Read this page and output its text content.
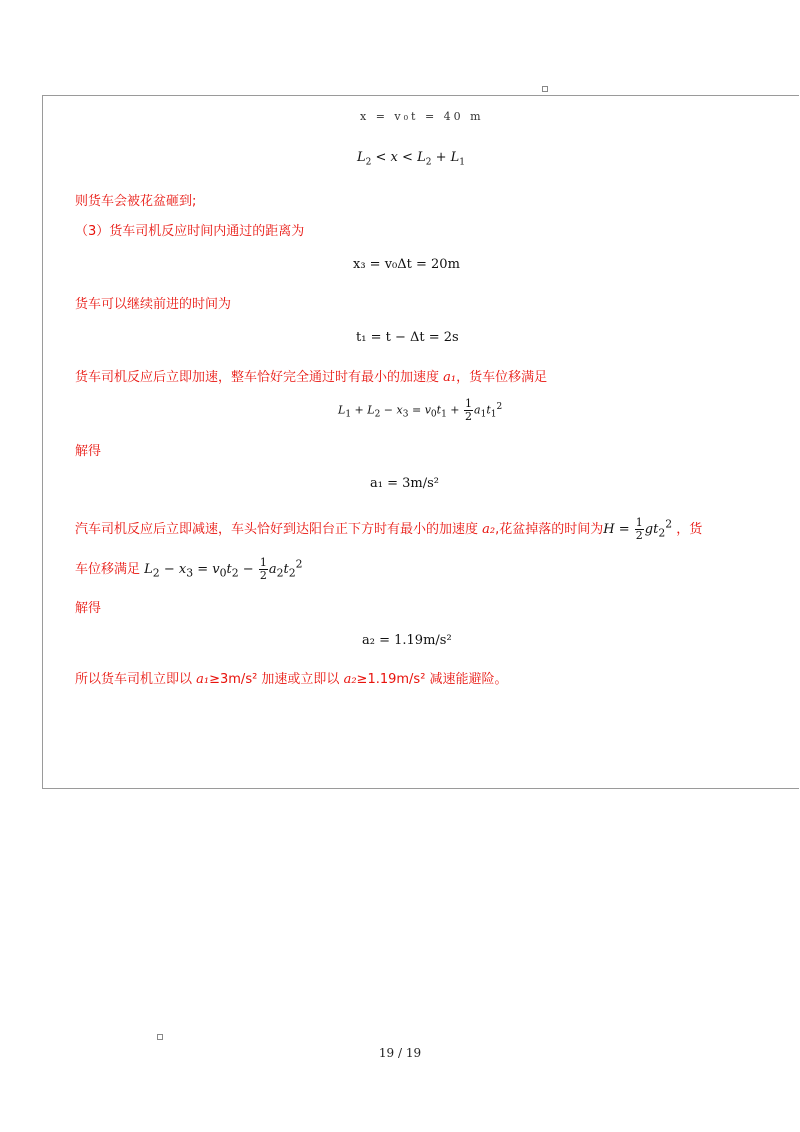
x = v₀t = 40 m
$L_2 < x < L_2 + L_1$
则货车会被花盆砸到;
（3）货车司机反应时间内通过的距离为
x₃ = v₀Δt = 20m
货车可以继续前进的时间为
t₁ = t − Δt = 2s
货车司机反应后立即加速，整车恰好完全通过时有最小的加速度 a₁，货车位移满足
$L_1 + L_2 - x_3 = v_0t_1 + \frac{1}{2} a_1t_1^2$
解得
a₁ = 3m/s²
汽车司机反应后立即减速，车头恰好到达阳台正下方时有最小的加速度 a₂,花盆掉落的时间为$H = \frac{1}{2} gt_2^2$ ，货
车位移满足 $L_2 - x_3 = v_0t_2 - \frac{1}{2} a_2t_2^2$
解得
a₂ = 1.19m/s²
所以货车司机立即以 a₁≥3m/s² 加速或立即以 a₂≥1.19m/s² 减速能避险。
19 / 19
